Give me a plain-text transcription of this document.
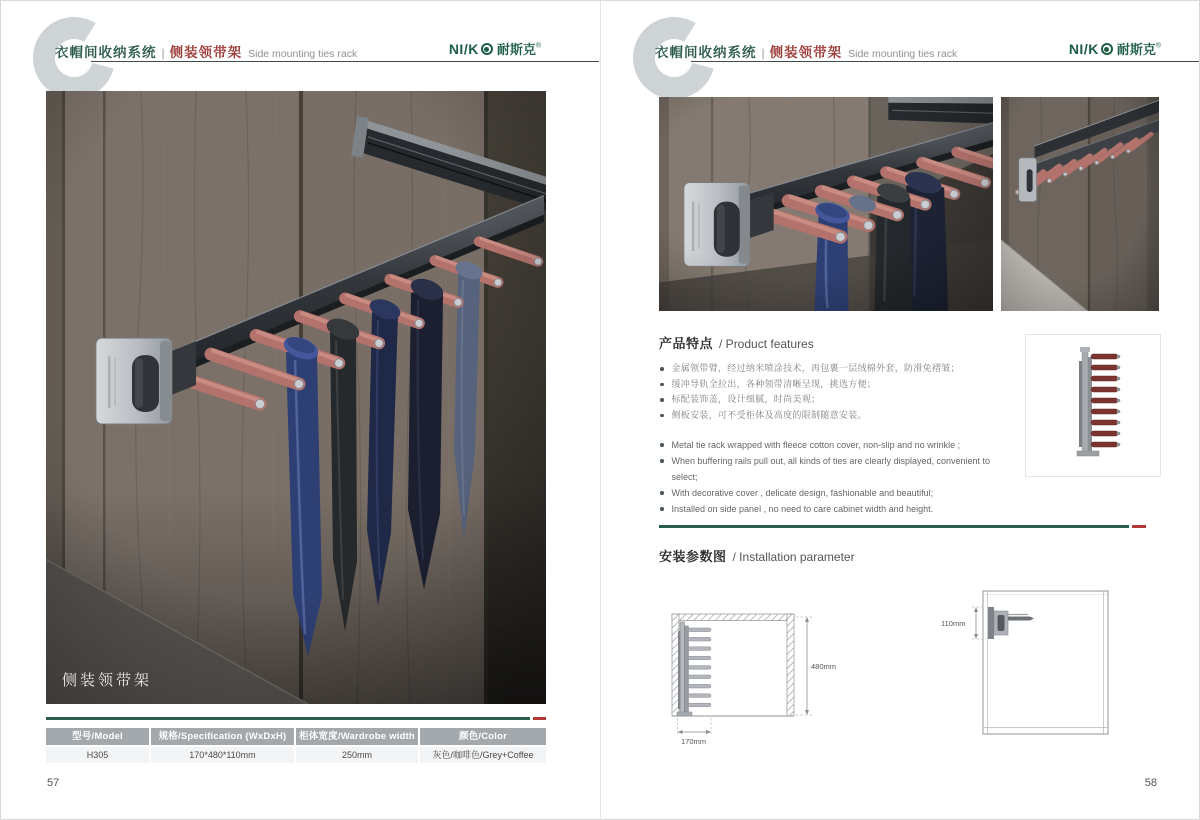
衣帽间收纳系统 | 侧装领带架 Side mounting ties rack	NI/K 耐斯克®
侧装领带架
型号/Model	规格/Specification (WxDxH)	柜体宽度/Wardrobe width	颜色/Color
H305	170*480*110mm	250mm	灰色/咖啡色/Grey+Coffee
57
衣帽间收纳系统 | 侧装领带架 Side mounting ties rack	NI/K 耐斯克®
产品特点 / Product features
金属领带臂，经过纳米喷涂技术，再包裹一层绒棉外套，防滑免褶皱；
缓冲导轨全拉出，各种领带清晰呈现，挑选方便；
标配装饰盖，设计细腻，时尚美观；
侧板安装，可不受柜体及高度的限制随意安装。
Metal tie rack wrapped with fleece cotton cover, non-slip and no wrinkle ;
When buffering rails pull out, all kinds of ties are clearly displayed, convenient to select;
With decorative cover , delicate design, fashionable and beautiful;
Installed on side panel , no need to care cabinet width and height.
安装参数图 / Installation parameter
480mm
170mm
110mm
58
